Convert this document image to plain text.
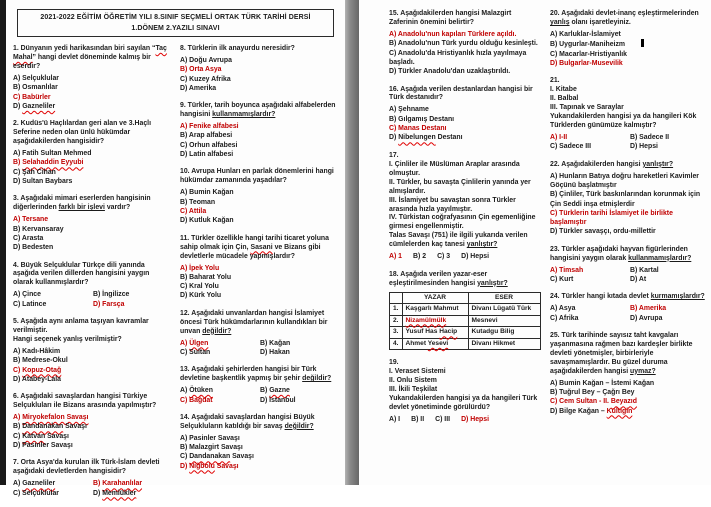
2021-2022 EĞİTİM ÖĞRETİM YILI 8.SINIF SEÇMELİ ORTAK TÜRK TARİHİ DERSİ
1.DÖNEM 2.YAZILI SINAVI
1. Dünyanın yedi harikasından biri sayılan “Taç Mahal” hangi devlet döneminde kalmış bir eserdir?
A) Selçuklular
B) Osmanlılar
C) Babürler
D) Gazneliler
2. Kudüs'ü Haçlılardan geri alan ve 3.Haçlı Seferine neden olan ünlü hükümdar aşağıdakilerden hangisidir?
A) Fatih Sultan Mehmed
B) Selahaddin Eyyubi
C) Şah Cihan
D) Sultan Baybars
3. Aşağıdaki mimari eserlerden hangisinin diğerlerinden farklı bir işlevi vardır?
A) Tersane
B) Kervansaray
C) Arasta
D) Bedesten
4. Büyük Selçuklular Türkçe dili yanında aşağıda verilen dillerden hangisini yaygın olarak kullanmışlardır?
A) Çince	B) İngilizce
C) Latince	D) Farsça
5. Aşağıda aynı anlama taşıyan kavramlar verilmiştir.
Hangi seçenek yanlış verilmiştir?
A) Kadı-Hâkim
B) Medrese-Okul
C) Kopuz-Otağ
D) Atabey-Lala
6. Aşağıdaki savaşlardan hangisi Türkiye Selçukluları ile Bizans arasında yapılmıştır?
A) Miryokefalon Savaşı
B) Dandanakan Savaşı
C) Katvan Savaşı
D) Pasinler Savaşı
7. Orta Asya'da kurulan ilk Türk-İslam devleti aşağıdaki devletlerden hangisidir?
A) Gazneliler	B) Karahanlılar
C) Selçuklular	D) Memlükler
8. Türklerin ilk anayurdu neresidir?
A) Doğu Avrupa
B) Orta Asya
C) Kuzey Afrika
D) Amerika
9. Türkler, tarih boyunca aşağıdaki alfabelerden hangisini kullanmamışlardır?
A) Fenike alfabesi
B) Arap alfabesi
C) Orhun alfabesi
D) Latin alfabesi
10. Avrupa Hunları en parlak dönemlerini hangi hükümdar zamanında yaşadılar?
A) Bumin Kağan
B) Teoman
C) Attila
D) Kutluk Kağan
11. Türkler özellikle hangi tarihi ticaret yoluna sahip olmak için Çin, Sasani ve Bizans gibi devletlerle mücadele yapmışlardır?
A) İpek Yolu
B) Baharat Yolu
C) Kral Yolu
D) Kürk Yolu
12. Aşağıdaki unvanlardan hangisi İslamiyet öncesi Türk hükümdarlarının kullandıkları bir unvan değildir?
A) Ülgen	B) Kağan
C) Sultan	D) Hakan
13. Aşağıdaki şehirlerden hangisi bir Türk devletine başkentlik yapmış bir şehir değildir?
A) Ötüken	B) Gazne
C) Bağdat	D) İstanbul
14. Aşağıdaki savaşlardan hangisi Büyük Selçukluların katıldığı bir savaş değildir?
A) Pasinler Savaşı
B) Malazgirt Savaşı
C) Dandanakan Savaşı
D) Niğbolu Savaşı
15. Aşağıdakilerden hangisi Malazgirt Zaferinin önemini belirtir?
A) Anadolu'nun kapıları Türklere açıldı.
B) Anadolu'nun Türk yurdu olduğu kesinleşti.
C) Anadolu'da Hristiyanlık hızla yayılmaya başladı.
D) Türkler Anadolu'dan uzaklaştırıldı.
16. Aşağıda verilen destanlardan hangisi bir Türk destanıdır?
A) Şehname
B) Gılgamış Destanı
C) Manas Destanı
D) Nibelungen Destanı
17.
I. Çinliler ile Müslüman Araplar arasında olmuştur.
II. Türkler, bu savaşta Çinlilerin yanında yer almışlardır.
III. İslamiyet bu savaştan sonra Türkler arasında hızla yayılmıştır.
IV. Türkistan coğrafyasının Çin egemenliğine girmesi engellenmiştir.
Talas Savaşı (751) ile ilgili yukarıda verilen cümlelerden kaç tanesi yanlıştır?
A) 1 B) 2 C) 3 D) Hepsi
18. Aşağıda verilen yazar-eser eşleştirilmesinden hangisi yanlıştır?
	YAZAR	ESER
1.	Kaşgarlı Mahmut	Divanı Lügatü Türk
2.	Nizamülmülk	Mesnevi
3.	Yusuf Has Hacip	Kutadgu Bilig
4.	Ahmet Yesevi	Divanı Hikmet
19.
I. Veraset Sistemi
II. Onlu Sistem
III. İkili Teşkilat
Yukarıdakilerden hangisi ya da hangileri Türk devlet yönetiminde görülürdü?
A) I B) II C) III D) Hepsi
20. Aşağıdaki devlet-inanç eşleştirmelerinden yanlış olanı işaretleyiniz.
A) Karluklar-İslamiyet
B) Uygurlar-Maniheizm
C) Macarlar-Hristiyanlık
D) Bulgarlar-Musevilik
21.
I. Kitabe
II. Balbal
III. Tapınak ve Saraylar
Yukarıdakilerden hangisi ya da hangileri Kök Türklerden günümüze kalmıştır?
A) I-II	B) Sadece II
C) Sadece III	D) Hepsi
22. Aşağıdakilerden hangisi yanlıştır?
A) Hunların Batıya doğru hareketleri Kavimler Göçünü başlatmıştır
B) Çinliler, Türk baskınlarından korunmak için Çin Seddi inşa etmişlerdir
C) Türklerin tarihi İslamiyet ile birlikte başlamıştır
D) Türkler savaşçı, ordu-millettir
23. Türkler aşağıdaki hayvan figürlerinden hangisini yaygın olarak kullanmamışlardır?
A) Timsah	B) Kartal
C) Kurt	D) At
24. Türkler hangi kıtada devlet kurmamışlardır?
A) Asya	B) Amerika
C) Afrika	D) Avrupa
25. Türk tarihinde sayısız taht kavgaları yaşanmasına rağmen bazı kardeşler birlikte devleti yönetmişler, birbirleriyle savaşmamışlardır. Bu güzel duruma aşağıdakilerden hangisi uymaz?
A) Bumin Kağan – İstemi Kağan
B) Tuğrul Bey – Çağrı Bey
C) Cem Sultan - II. Beyazıd
D) Bilge Kağan – Kültigin
